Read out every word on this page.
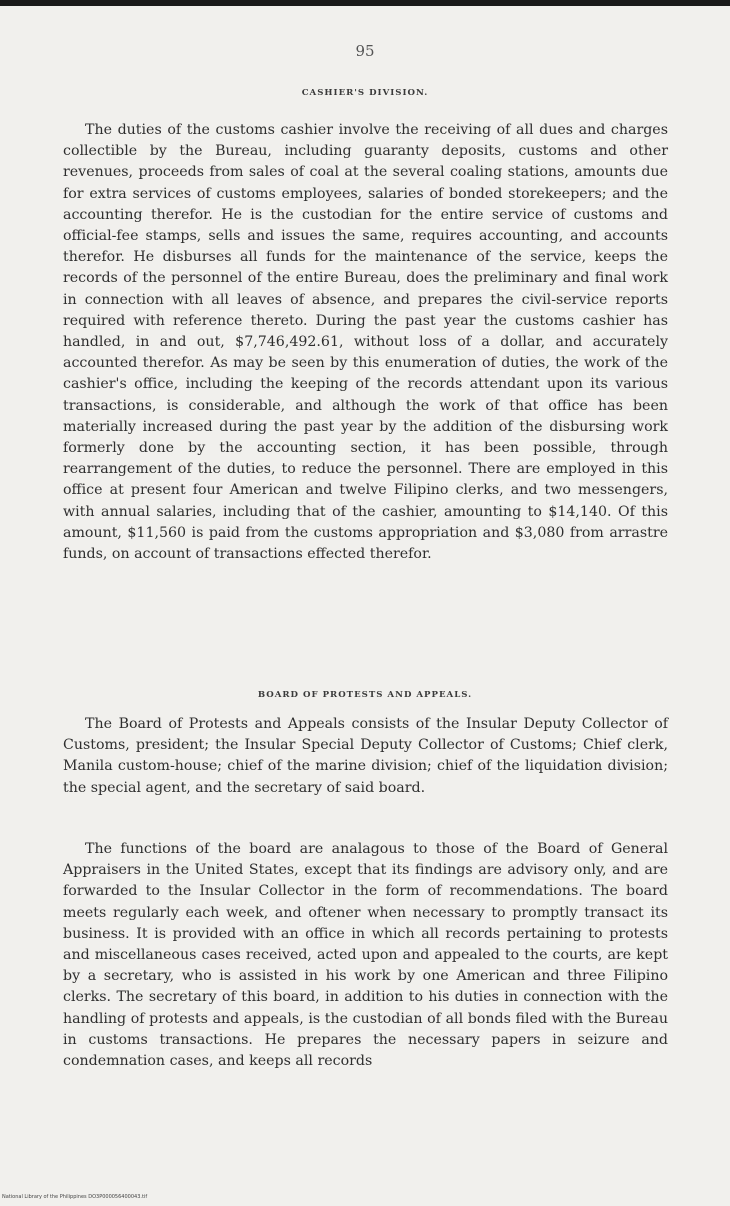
95
CASHIER'S DIVISION.

The duties of the customs cashier involve the receiving of all dues and charges collectible by the Bureau, including guaranty deposits, customs and other revenues, proceeds from sales of coal at the several coaling stations, amounts due for extra services of customs employees, salaries of bonded storekeepers; and the accounting therefor. He is the custodian for the entire service of customs and official-fee stamps, sells and issues the same, requires accounting, and accounts therefor. He disburses all funds for the maintenance of the service, keeps the records of the personnel of the entire Bureau, does the preliminary and final work in connection with all leaves of absence, and prepares the civil-service reports required with reference thereto. During the past year the customs cashier has handled, in and out, $7,746,492.61, without loss of a dollar, and accurately accounted therefor. As may be seen by this enumeration of duties, the work of the cashier's office, including the keeping of the records attendant upon its various transactions, is considerable, and although the work of that office has been materially increased during the past year by the addition of the disbursing work formerly done by the accounting section, it has been possible, through rearrangement of the duties, to reduce the personnel. There are employed in this office at present four American and twelve Filipino clerks, and two messengers, with annual salaries, including that of the cashier, amounting to $14,140. Of this amount, $11,560 is paid from the customs appropriation and $3,080 from arrastre funds, on account of transactions effected therefor.

BOARD OF PROTESTS AND APPEALS.

The Board of Protests and Appeals consists of the Insular Deputy Collector of Customs, president; the Insular Special Deputy Collector of Customs; Chief clerk, Manila custom-house; chief of the marine division; chief of the liquidation division; the special agent, and the secretary of said board.

The functions of the board are analagous to those of the Board of General Appraisers in the United States, except that its findings are advisory only, and are forwarded to the Insular Collector in the form of recommendations. The board meets regularly each week, and oftener when necessary to promptly transact its business. It is provided with an office in which all records pertaining to protests and miscellaneous cases received, acted upon and appealed to the courts, are kept by a secretary, who is assisted in his work by one American and three Filipino clerks. The secretary of this board, in addition to his duties in connection with the handling of protests and appeals, is the custodian of all bonds filed with the Bureau in customs transactions. He prepares the necessary papers in seizure and condemnation cases, and keeps all records

National Library of the Philippines DO3P000056400043.tif
